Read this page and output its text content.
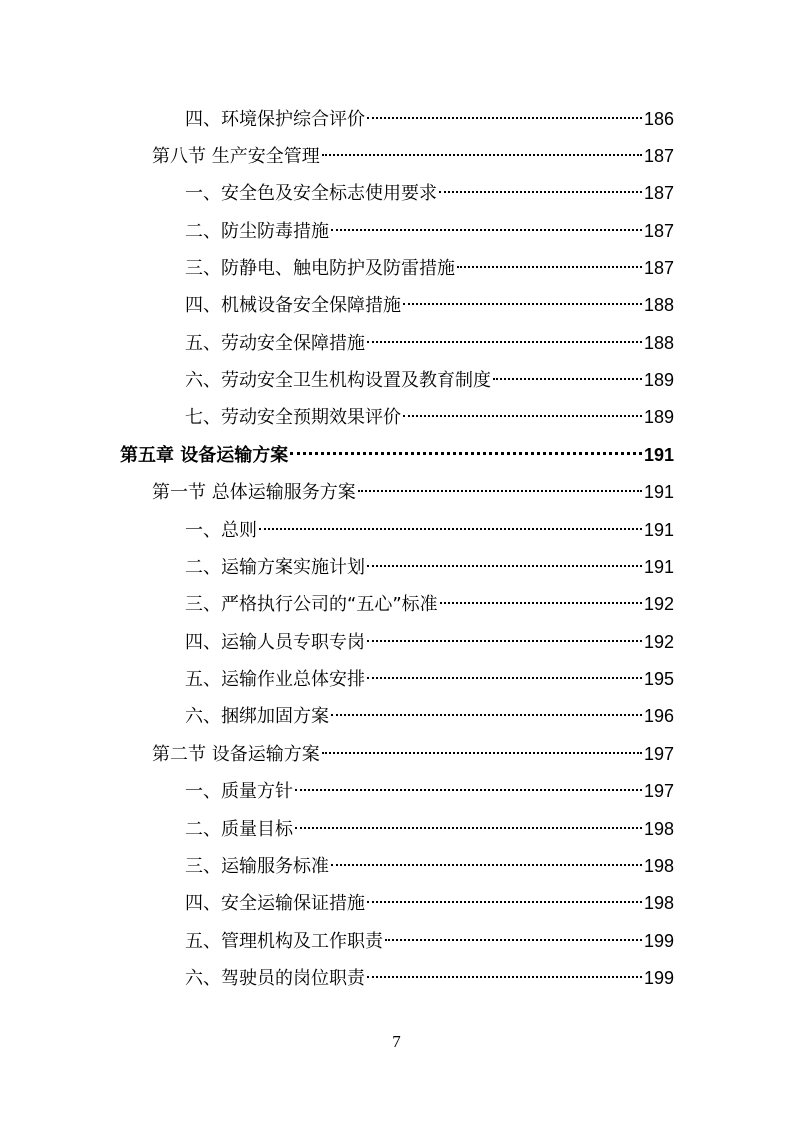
四、环境保护综合评价	186
第八节 生产安全管理	187
一、安全色及安全标志使用要求	187
二、防尘防毒措施	187
三、防静电、触电防护及防雷措施	187
四、机械设备安全保障措施	188
五、劳动安全保障措施	188
六、劳动安全卫生机构设置及教育制度	189
七、劳动安全预期效果评价	189
第五章 设备运输方案	191
第一节 总体运输服务方案	191
一、总则	191
二、运输方案实施计划	191
三、严格执行公司的“五心”标准	192
四、运输人员专职专岗	192
五、运输作业总体安排	195
六、捆绑加固方案	196
第二节 设备运输方案	197
一、质量方针	197
二、质量目标	198
三、运输服务标准	198
四、安全运输保证措施	198
五、管理机构及工作职责	199
六、驾驶员的岗位职责	199
7
